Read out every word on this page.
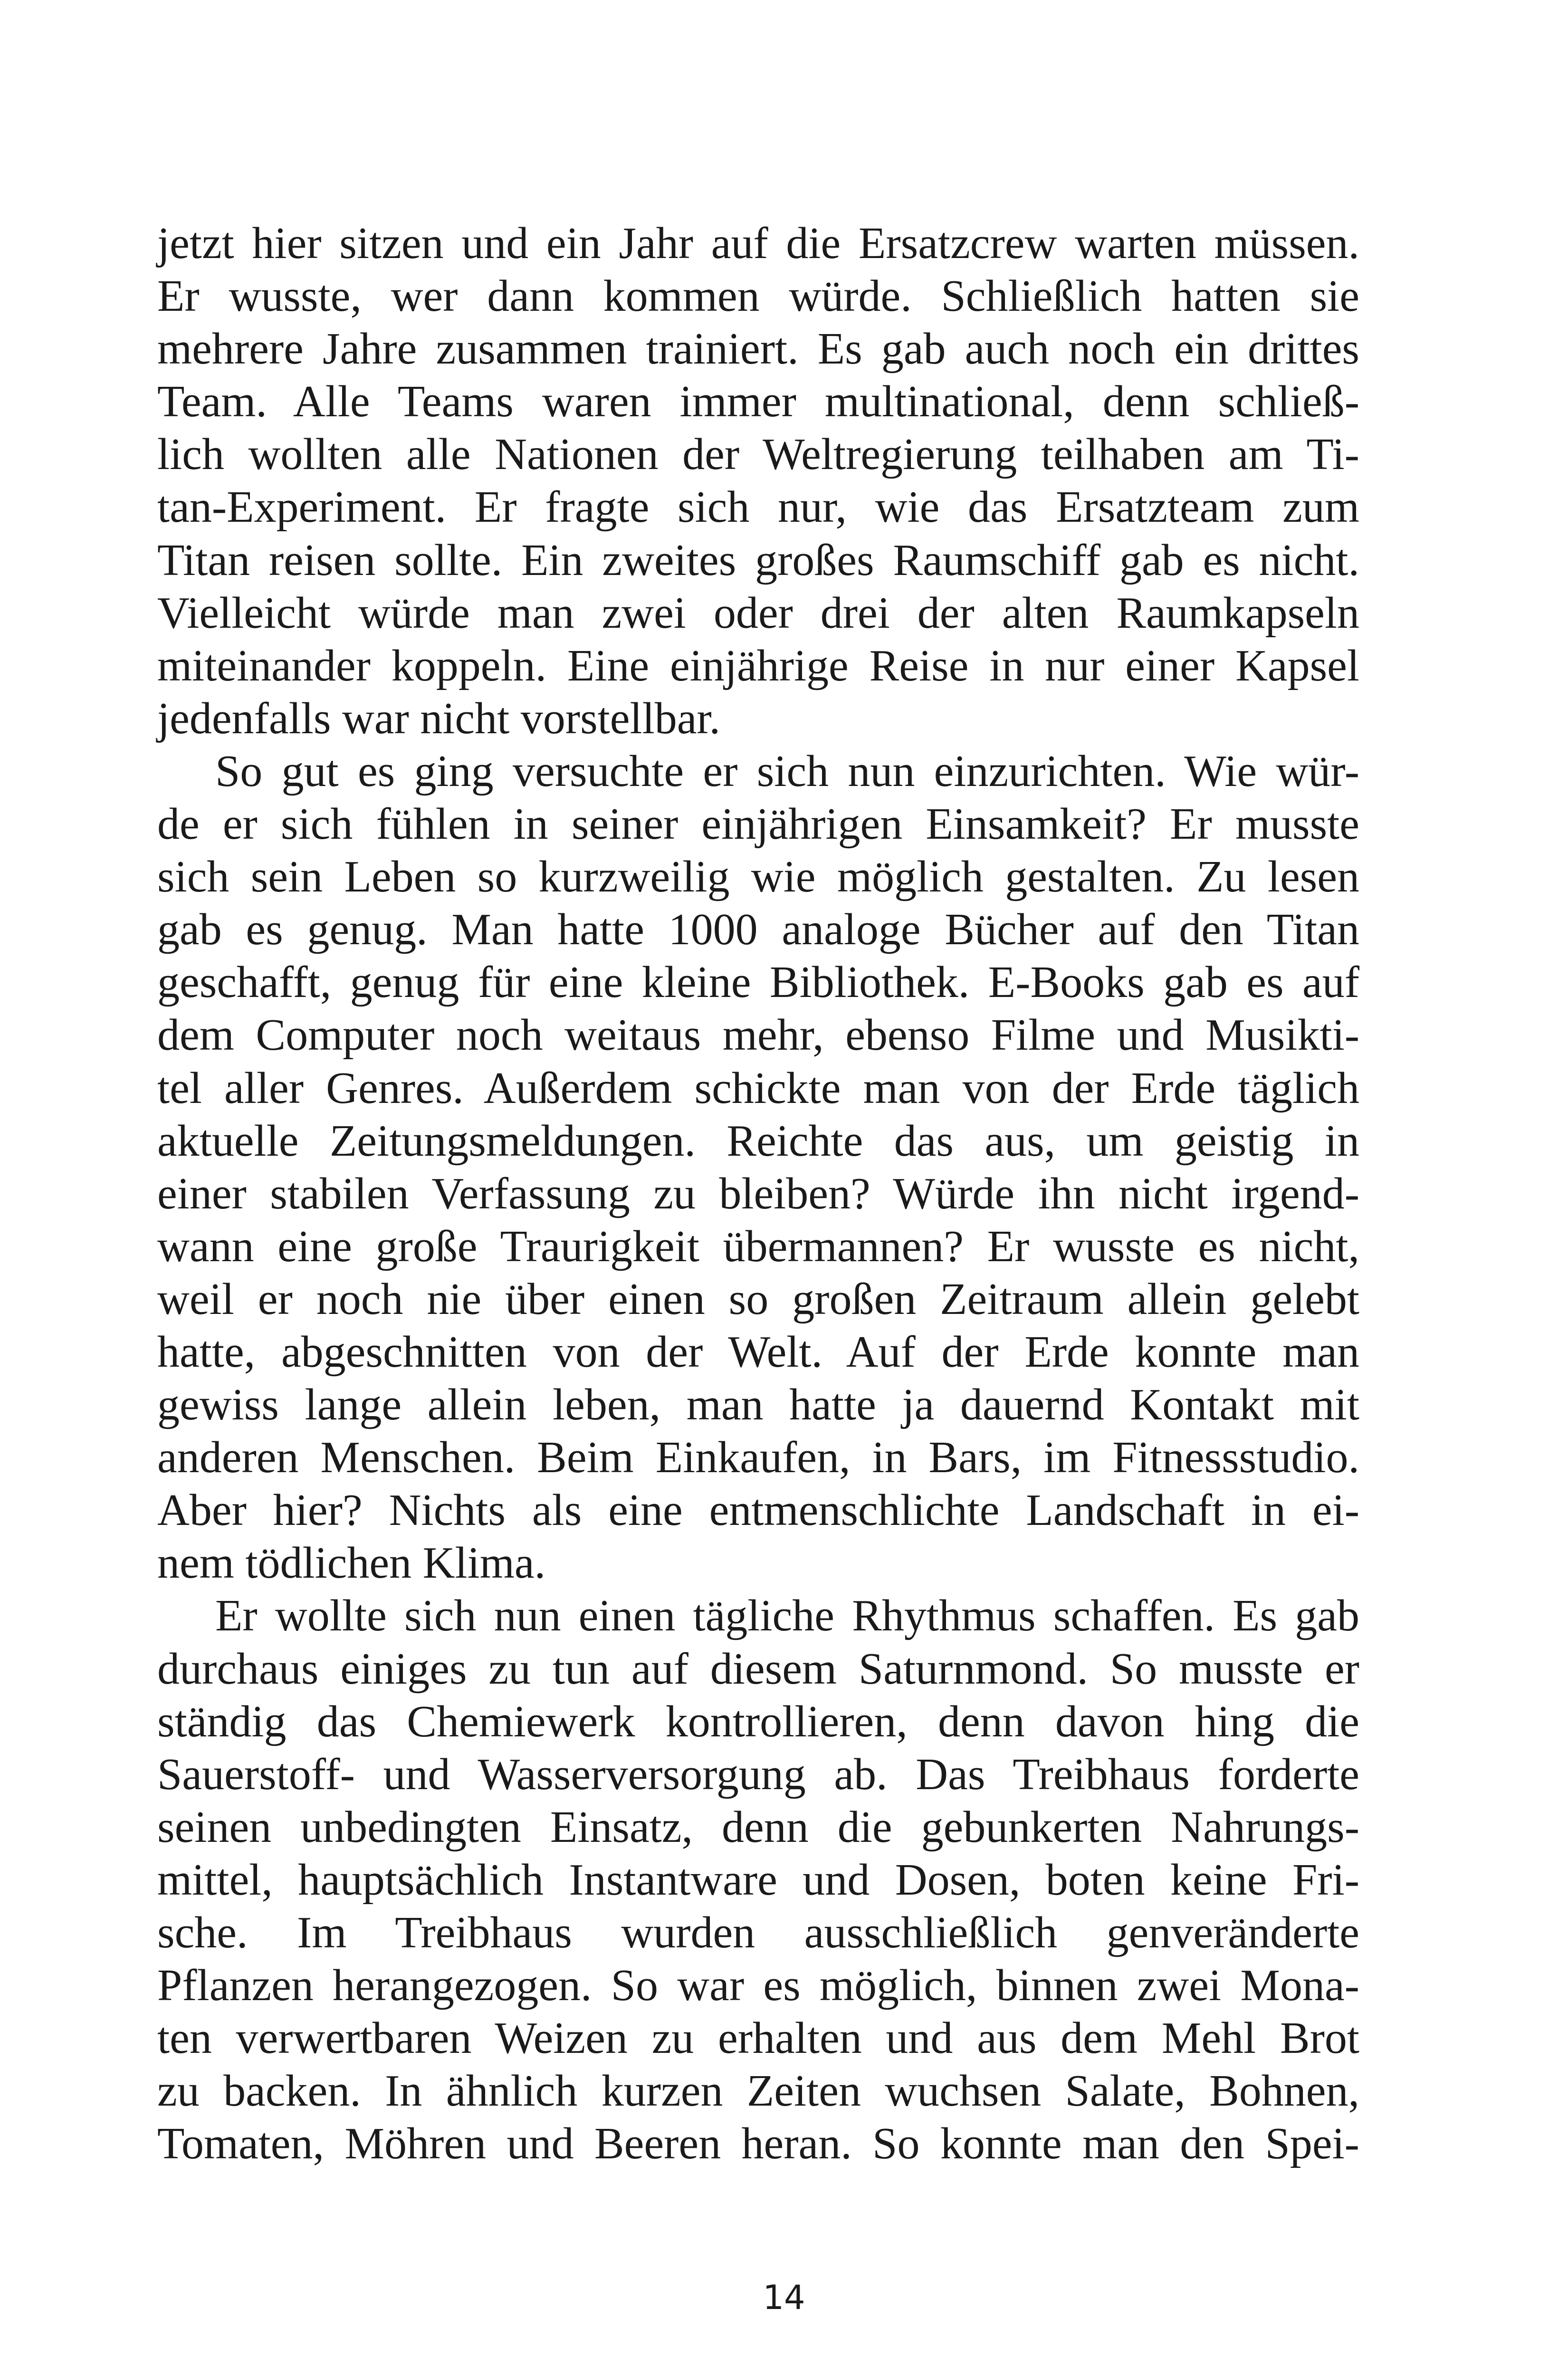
jetzt hier sitzen und ein Jahr auf die Ersatzcrew warten müssen.
Er wusste, wer dann kommen würde. Schließlich hatten sie
mehrere Jahre zusammen trainiert. Es gab auch noch ein drittes
Team. Alle Teams waren immer multinational, denn schließ-
lich wollten alle Nationen der Weltregierung teilhaben am Ti-
tan-Experiment. Er fragte sich nur, wie das Ersatzteam zum
Titan reisen sollte. Ein zweites großes Raumschiff gab es nicht.
Vielleicht würde man zwei oder drei der alten Raumkapseln
miteinander koppeln. Eine einjährige Reise in nur einer Kapsel
jedenfalls war nicht vorstellbar.
So gut es ging versuchte er sich nun einzurichten. Wie wür-
de er sich fühlen in seiner einjährigen Einsamkeit? Er musste
sich sein Leben so kurzweilig wie möglich gestalten. Zu lesen
gab es genug. Man hatte 1000 analoge Bücher auf den Titan
geschafft, genug für eine kleine Bibliothek. E-Books gab es auf
dem Computer noch weitaus mehr, ebenso Filme und Musikti-
tel aller Genres. Außerdem schickte man von der Erde täglich
aktuelle Zeitungsmeldungen. Reichte das aus, um geistig in
einer stabilen Verfassung zu bleiben? Würde ihn nicht irgend-
wann eine große Traurigkeit übermannen? Er wusste es nicht,
weil er noch nie über einen so großen Zeitraum allein gelebt
hatte, abgeschnitten von der Welt. Auf der Erde konnte man
gewiss lange allein leben, man hatte ja dauernd Kontakt mit
anderen Menschen. Beim Einkaufen, in Bars, im Fitnessstudio.
Aber hier? Nichts als eine entmenschlichte Landschaft in ei-
nem tödlichen Klima.
Er wollte sich nun einen tägliche Rhythmus schaffen. Es gab
durchaus einiges zu tun auf diesem Saturnmond. So musste er
ständig das Chemiewerk kontrollieren, denn davon hing die
Sauerstoff- und Wasserversorgung ab. Das Treibhaus forderte
seinen unbedingten Einsatz, denn die gebunkerten Nahrungs-
mittel, hauptsächlich Instantware und Dosen, boten keine Fri-
sche. Im Treibhaus wurden ausschließlich genveränderte
Pflanzen herangezogen. So war es möglich, binnen zwei Mona-
ten verwertbaren Weizen zu erhalten und aus dem Mehl Brot
zu backen. In ähnlich kurzen Zeiten wuchsen Salate, Bohnen,
Tomaten, Möhren und Beeren heran. So konnte man den Spei-
14
